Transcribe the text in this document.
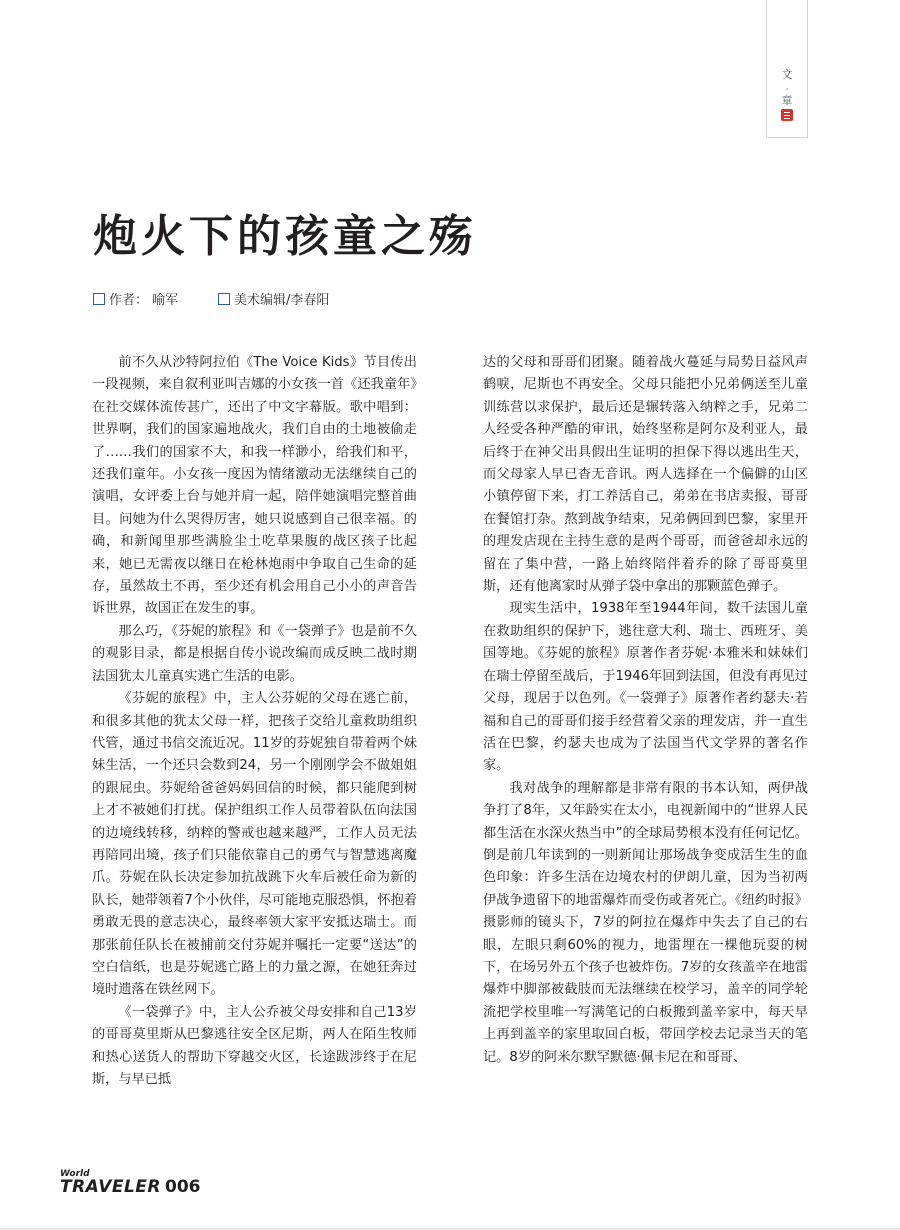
文
·
章
炮火下的孩童之殇
作者： 喻军	美术编辑/李春阳

前不久从沙特阿拉伯《The Voice Kids》节目传出一段视频，来自叙利亚叫吉娜的小女孩一首《还我童年》在社交媒体流传甚广，还出了中文字幕版。歌中唱到：世界啊，我们的国家遍地战火，我们自由的土地被偷走了……我们的国家不大，和我一样渺小，给我们和平，还我们童年。小女孩一度因为情绪激动无法继续自己的演唱，女评委上台与她并肩一起，陪伴她演唱完整首曲目。问她为什么哭得厉害，她只说感到自己很幸福。的确，和新闻里那些满脸尘土吃草果腹的战区孩子比起来，她已无需夜以继日在枪林炮雨中争取自己生命的延存，虽然故土不再，至少还有机会用自己小小的声音告诉世界，故国正在发生的事。

那么巧，《芬妮的旅程》和《一袋弹子》也是前不久的观影目录，都是根据自传小说改编而成反映二战时期法国犹太儿童真实逃亡生活的电影。

《芬妮的旅程》中，主人公芬妮的父母在逃亡前，和很多其他的犹太父母一样，把孩子交给儿童救助组织代管，通过书信交流近况。11岁的芬妮独自带着两个妹妹生活，一个还只会数到24，另一个刚刚学会不做姐姐的跟屁虫。芬妮给爸爸妈妈回信的时候，都只能爬到树上才不被她们打扰。保护组织工作人员带着队伍向法国的边境线转移，纳粹的警戒也越来越严，工作人员无法再陪同出境，孩子们只能依靠自己的勇气与智慧逃离魔爪。芬妮在队长决定参加抗战跳下火车后被任命为新的队长，她带领着7个小伙伴，尽可能地克服恐惧，怀抱着勇敢无畏的意志决心，最终率领大家平安抵达瑞士。而那张前任队长在被捕前交付芬妮并嘱托一定要“送达”的空白信纸，也是芬妮逃亡路上的力量之源，在她狂奔过境时遗落在铁丝网下。

《一袋弹子》中，主人公乔被父母安排和自己13岁的哥哥莫里斯从巴黎逃往安全区尼斯，两人在陌生牧师和热心送货人的帮助下穿越交火区，长途跋涉终于在尼斯，与早已抵

达的父母和哥哥们团聚。随着战火蔓延与局势日益风声鹤唳，尼斯也不再安全。父母只能把小兄弟俩送至儿童训练营以求保护，最后还是辗转落入纳粹之手，兄弟二人经受各种严酷的审讯，始终坚称是阿尔及利亚人，最后终于在神父出具假出生证明的担保下得以逃出生天，而父母家人早已杳无音讯。两人选择在一个偏僻的山区小镇停留下来，打工养活自己，弟弟在书店卖报，哥哥在餐馆打杂。熬到战争结束，兄弟俩回到巴黎，家里开的理发店现在主持生意的是两个哥哥，而爸爸却永远的留在了集中营，一路上始终陪伴着乔的除了哥哥莫里斯，还有他离家时从弹子袋中拿出的那颗蓝色弹子。

现实生活中，1938年至1944年间，数千法国儿童在救助组织的保护下，逃往意大利、瑞士、西班牙、美国等地。《芬妮的旅程》原著作者芬妮·本雅米和妹妹们在瑞士停留至战后，于1946年回到法国，但没有再见过父母，现居于以色列。《一袋弹子》原著作者约瑟夫·若福和自己的哥哥们接手经营着父亲的理发店，并一直生活在巴黎，约瑟夫也成为了法国当代文学界的著名作家。

我对战争的理解都是非常有限的书本认知，两伊战争打了8年，又年龄实在太小，电视新闻中的“世界人民都生活在水深火热当中”的全球局势根本没有任何记忆。倒是前几年读到的一则新闻让那场战争变成活生生的血色印象：许多生活在边境农村的伊朗儿童，因为当初两伊战争遗留下的地雷爆炸而受伤或者死亡。《纽约时报》摄影师的镜头下，7岁的阿拉在爆炸中失去了自己的右眼，左眼只剩60%的视力，地雷埋在一棵他玩耍的树下，在场另外五个孩子也被炸伤。7岁的女孩盖辛在地雷爆炸中脚部被截肢而无法继续在校学习，盖辛的同学轮流把学校里唯一写满笔记的白板搬到盖辛家中，每天早上再到盖辛的家里取回白板，带回学校去记录当天的笔记。8岁的阿米尔默罕默德·佩卡尼在和哥哥、

World
TRAVELER 006
